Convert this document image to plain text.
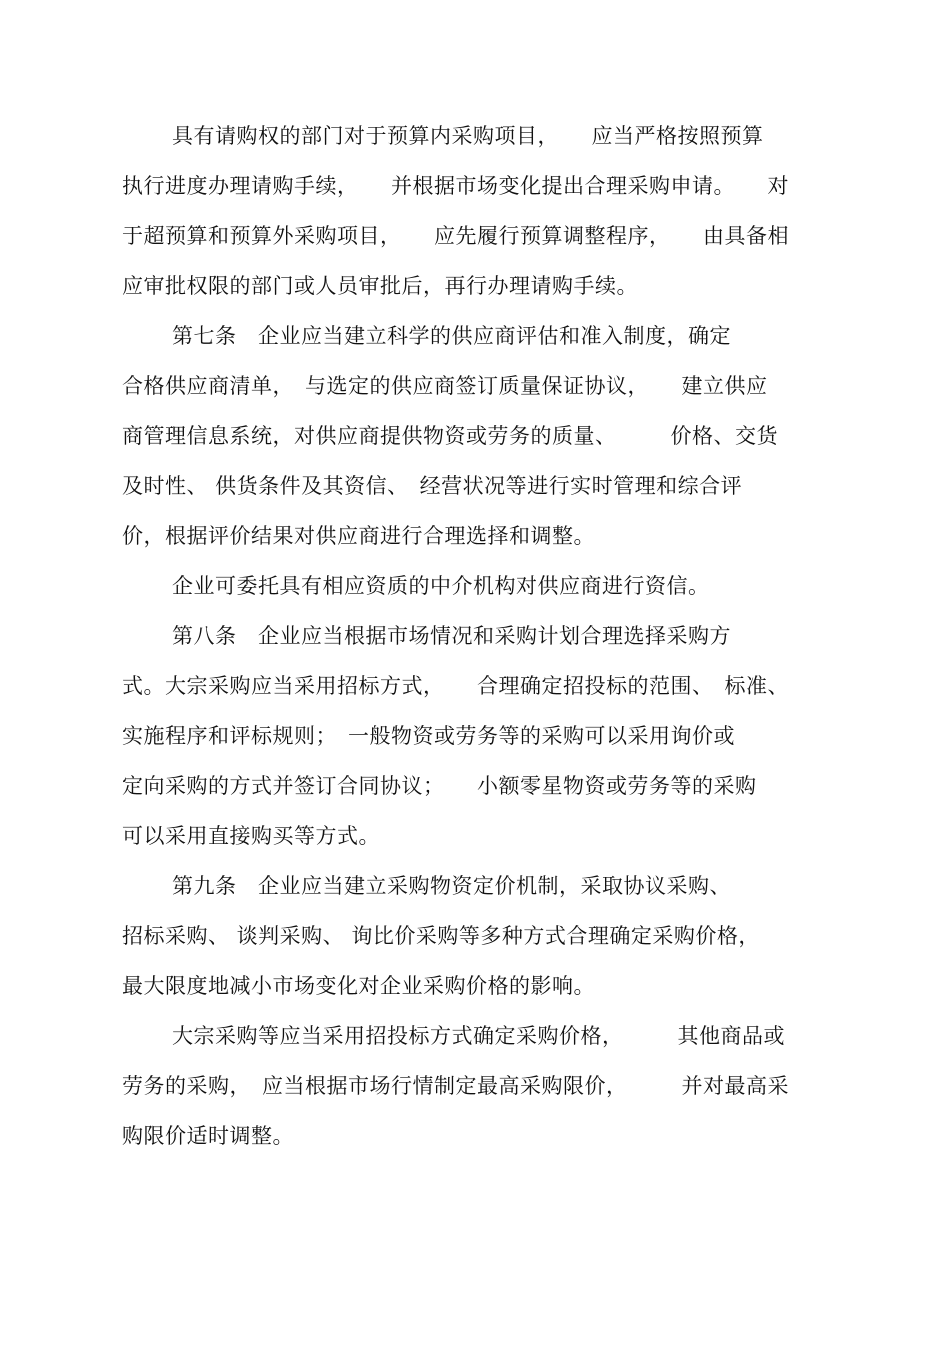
具有请购权的部门对于预算内采购项目，　　应当严格按照预算
执行进度办理请购手续，　　并根据市场变化提出合理采购申请。　　对
于超预算和预算外采购项目，　　应先履行预算调整程序，　　由具备相
应审批权限的部门或人员审批后，再行办理请购手续。
第七条　企业应当建立科学的供应商评估和准入制度，确定
合格供应商清单，　与选定的供应商签订质量保证协议，　　建立供应
商管理信息系统，对供应商提供物资或劳务的质量、　　　价格、交货
及时性、 供货条件及其资信、　经营状况等进行实时管理和综合评
价，根据评价结果对供应商进行合理选择和调整。
企业可委托具有相应资质的中介机构对供应商进行资信。
第八条　企业应当根据市场情况和采购计划合理选择采购方
式。大宗采购应当采用招标方式，　　合理确定招投标的范围、　标准、
实施程序和评标规则；　一般物资或劳务等的采购可以采用询价或
定向采购的方式并签订合同协议；　　小额零星物资或劳务等的采购
可以采用直接购买等方式。
第九条　企业应当建立采购物资定价机制，采取协议采购、
招标采购、 谈判采购、 询比价采购等多种方式合理确定采购价格，
最大限度地减小市场变化对企业采购价格的影响。
大宗采购等应当采用招投标方式确定采购价格，　　　其他商品或
劳务的采购，　应当根据市场行情制定最高采购限价，　　　并对最高采
购限价适时调整。
